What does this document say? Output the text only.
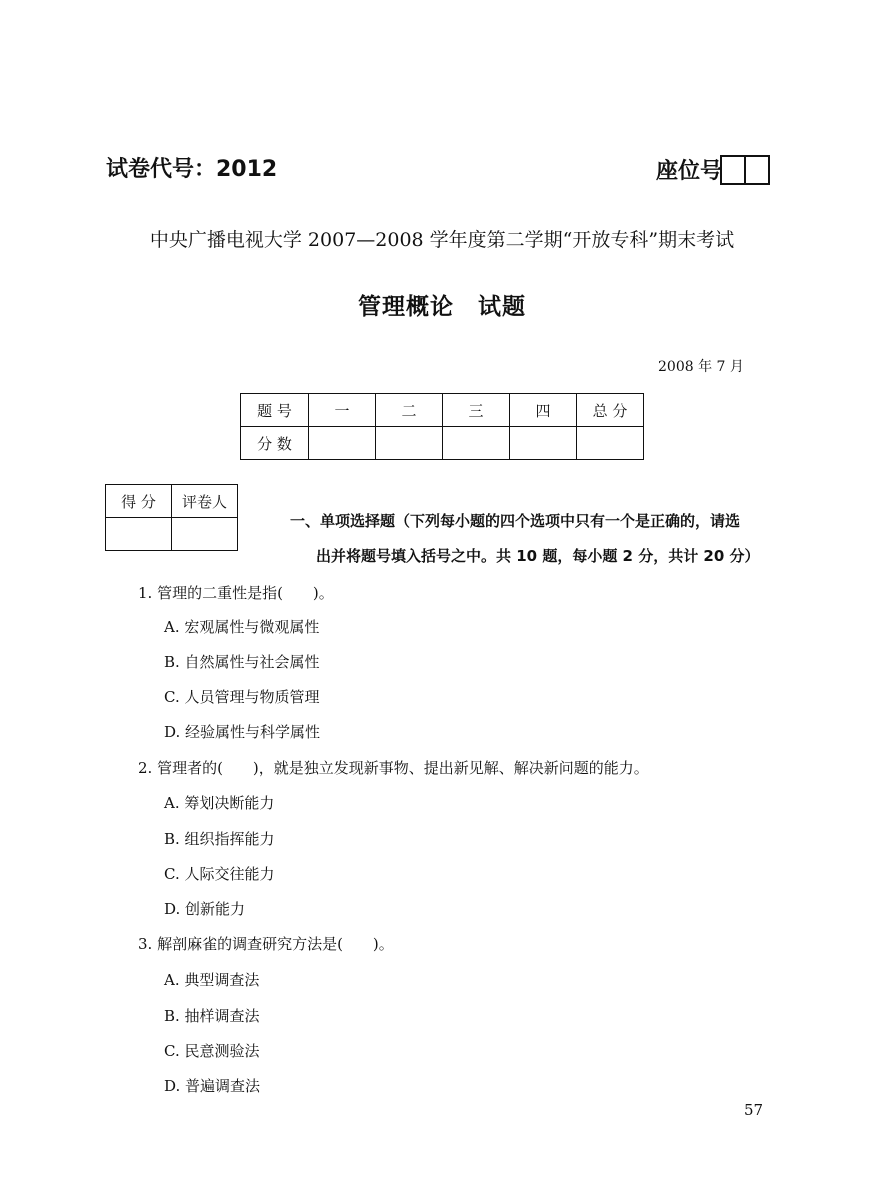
试卷代号：2012	座位号
中央广播电视大学 2007—2008 学年度第二学期“开放专科”期末考试
管理概论　试题
2008 年 7 月
题 号	一	二	三	四	总 分
分 数					
得 分	评卷人

一、单项选择题（下列每小题的四个选项中只有一个是正确的，请选
出并将题号填入括号之中。共 10 题，每小题 2 分，共计 20 分）
1. 管理的二重性是指(　　)。
A. 宏观属性与微观属性
B. 自然属性与社会属性
C. 人员管理与物质管理
D. 经验属性与科学属性
2. 管理者的(　　)，就是独立发现新事物、提出新见解、解决新问题的能力。
A. 筹划决断能力
B. 组织指挥能力
C. 人际交往能力
D. 创新能力
3. 解剖麻雀的调查研究方法是(　　)。
A. 典型调查法
B. 抽样调查法
C. 民意测验法
D. 普遍调查法
57
